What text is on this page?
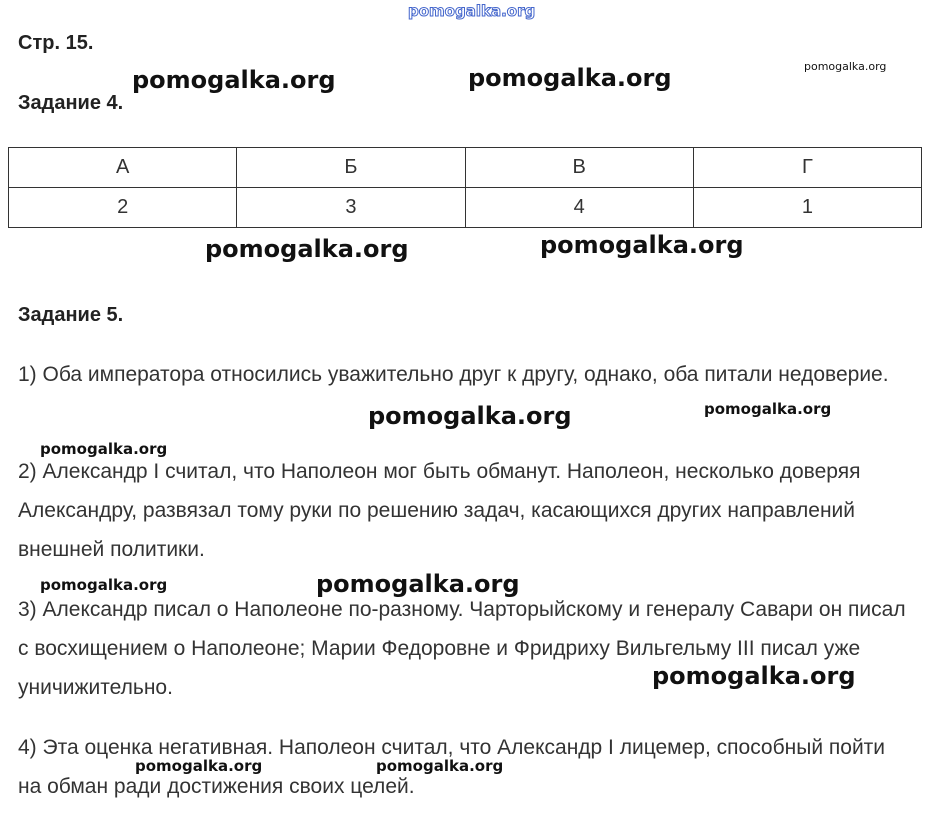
Стр. 15.
Задание 4.
А	Б	В	Г
2	3	4	1
Задание 5.

1) Оба императора относились уважительно друг к другу, однако, оба питали недоверие.

2) Александр I считал, что Наполеон мог быть обманут. Наполеон, несколько доверяя Александру, развязал тому руки по решению задач, касающихся других направлений внешней политики.

3) Александр писал о Наполеоне по-разному. Чарторыйскому и генералу Савари он писал с восхищением о Наполеоне; Марии Федоровне и Фридриху Вильгельму III писал уже уничижительно.

4) Эта оценка негативная. Наполеон считал, что Александр I лицемер, способный пойти на обман ради достижения своих целей.

pomogalka.org
pomogalka.org	pomogalka.org	pomogalka.org
pomogalka.org	pomogalka.org
pomogalka.org	pomogalka.org
pomogalka.org
pomogalka.org	pomogalka.org
pomogalka.org
pomogalka.org	pomogalka.org
